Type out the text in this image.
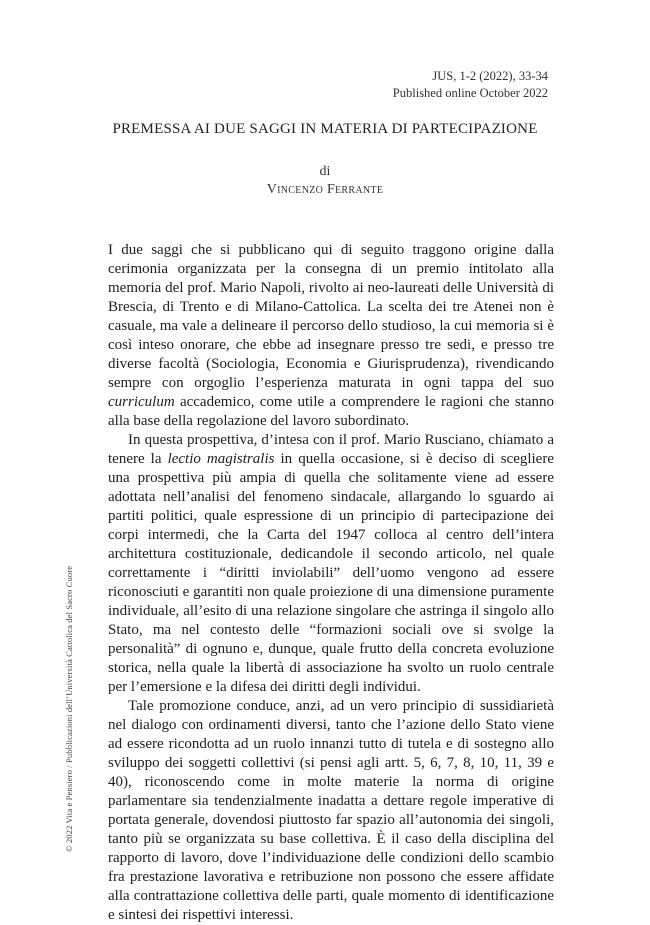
JUS, 1-2 (2022), 33-34
Published online October 2022
PREMESSA AI DUE SAGGI IN MATERIA DI PARTECIPAZIONE
di
Vincenzo Ferrante

I due saggi che si pubblicano qui di seguito traggono origine dalla cerimonia organizzata per la consegna di un premio intitolato alla memoria del prof. Mario Napoli, rivolto ai neo-laureati delle Università di Brescia, di Trento e di Milano-Cattolica. La scelta dei tre Atenei non è casuale, ma vale a delineare il percorso dello studioso, la cui memoria si è così inteso onorare, che ebbe ad insegnare presso tre sedi, e presso tre diverse facoltà (Sociologia, Economia e Giurisprudenza), rivendicando sempre con orgoglio l’esperienza maturata in ogni tappa del suo curriculum accademico, come utile a comprendere le ragioni che stanno alla base della regolazione del lavoro subordinato.

In questa prospettiva, d’intesa con il prof. Mario Rusciano, chiamato a tenere la lectio magistralis in quella occasione, si è deciso di scegliere una prospettiva più ampia di quella che solitamente viene ad essere adottata nell’analisi del fenomeno sindacale, allargando lo sguardo ai partiti politici, quale espressione di un principio di partecipazione dei corpi intermedi, che la Carta del 1947 colloca al centro dell’intera architettura costituzionale, dedicandole il secondo articolo, nel quale correttamente i “diritti inviolabili” dell’uomo vengono ad essere riconosciuti e garantiti non quale proiezione di una dimensione puramente individuale, all’esito di una relazione singolare che astringa il singolo allo Stato, ma nel contesto delle “formazioni sociali ove si svolge la personalità” di ognuno e, dunque, quale frutto della concreta evoluzione storica, nella quale la libertà di associazione ha svolto un ruolo centrale per l’emersione e la difesa dei diritti degli individui.

Tale promozione conduce, anzi, ad un vero principio di sussidiarietà nel dialogo con ordinamenti diversi, tanto che l’azione dello Stato viene ad essere ricondotta ad un ruolo innanzi tutto di tutela e di sostegno allo sviluppo dei soggetti collettivi (si pensi agli artt. 5, 6, 7, 8, 10, 11, 39 e 40), riconoscendo come in molte materie la norma di origine parlamentare sia tendenzialmente inadatta a dettare regole imperative di portata generale, dovendosi piuttosto far spazio all’autonomia dei singoli, tanto più se organizzata su base collettiva. È il caso della disciplina del rapporto di lavoro, dove l’individuazione delle condizioni dello scambio fra prestazione lavorativa e retribuzione non possono che essere affidate alla contrattazione collettiva delle parti, quale momento di identificazione e sintesi dei rispettivi interessi.

© 2022 Vita e Pensiero / Pubblicazioni dell’Università Cattolica del Sacro Cuore
